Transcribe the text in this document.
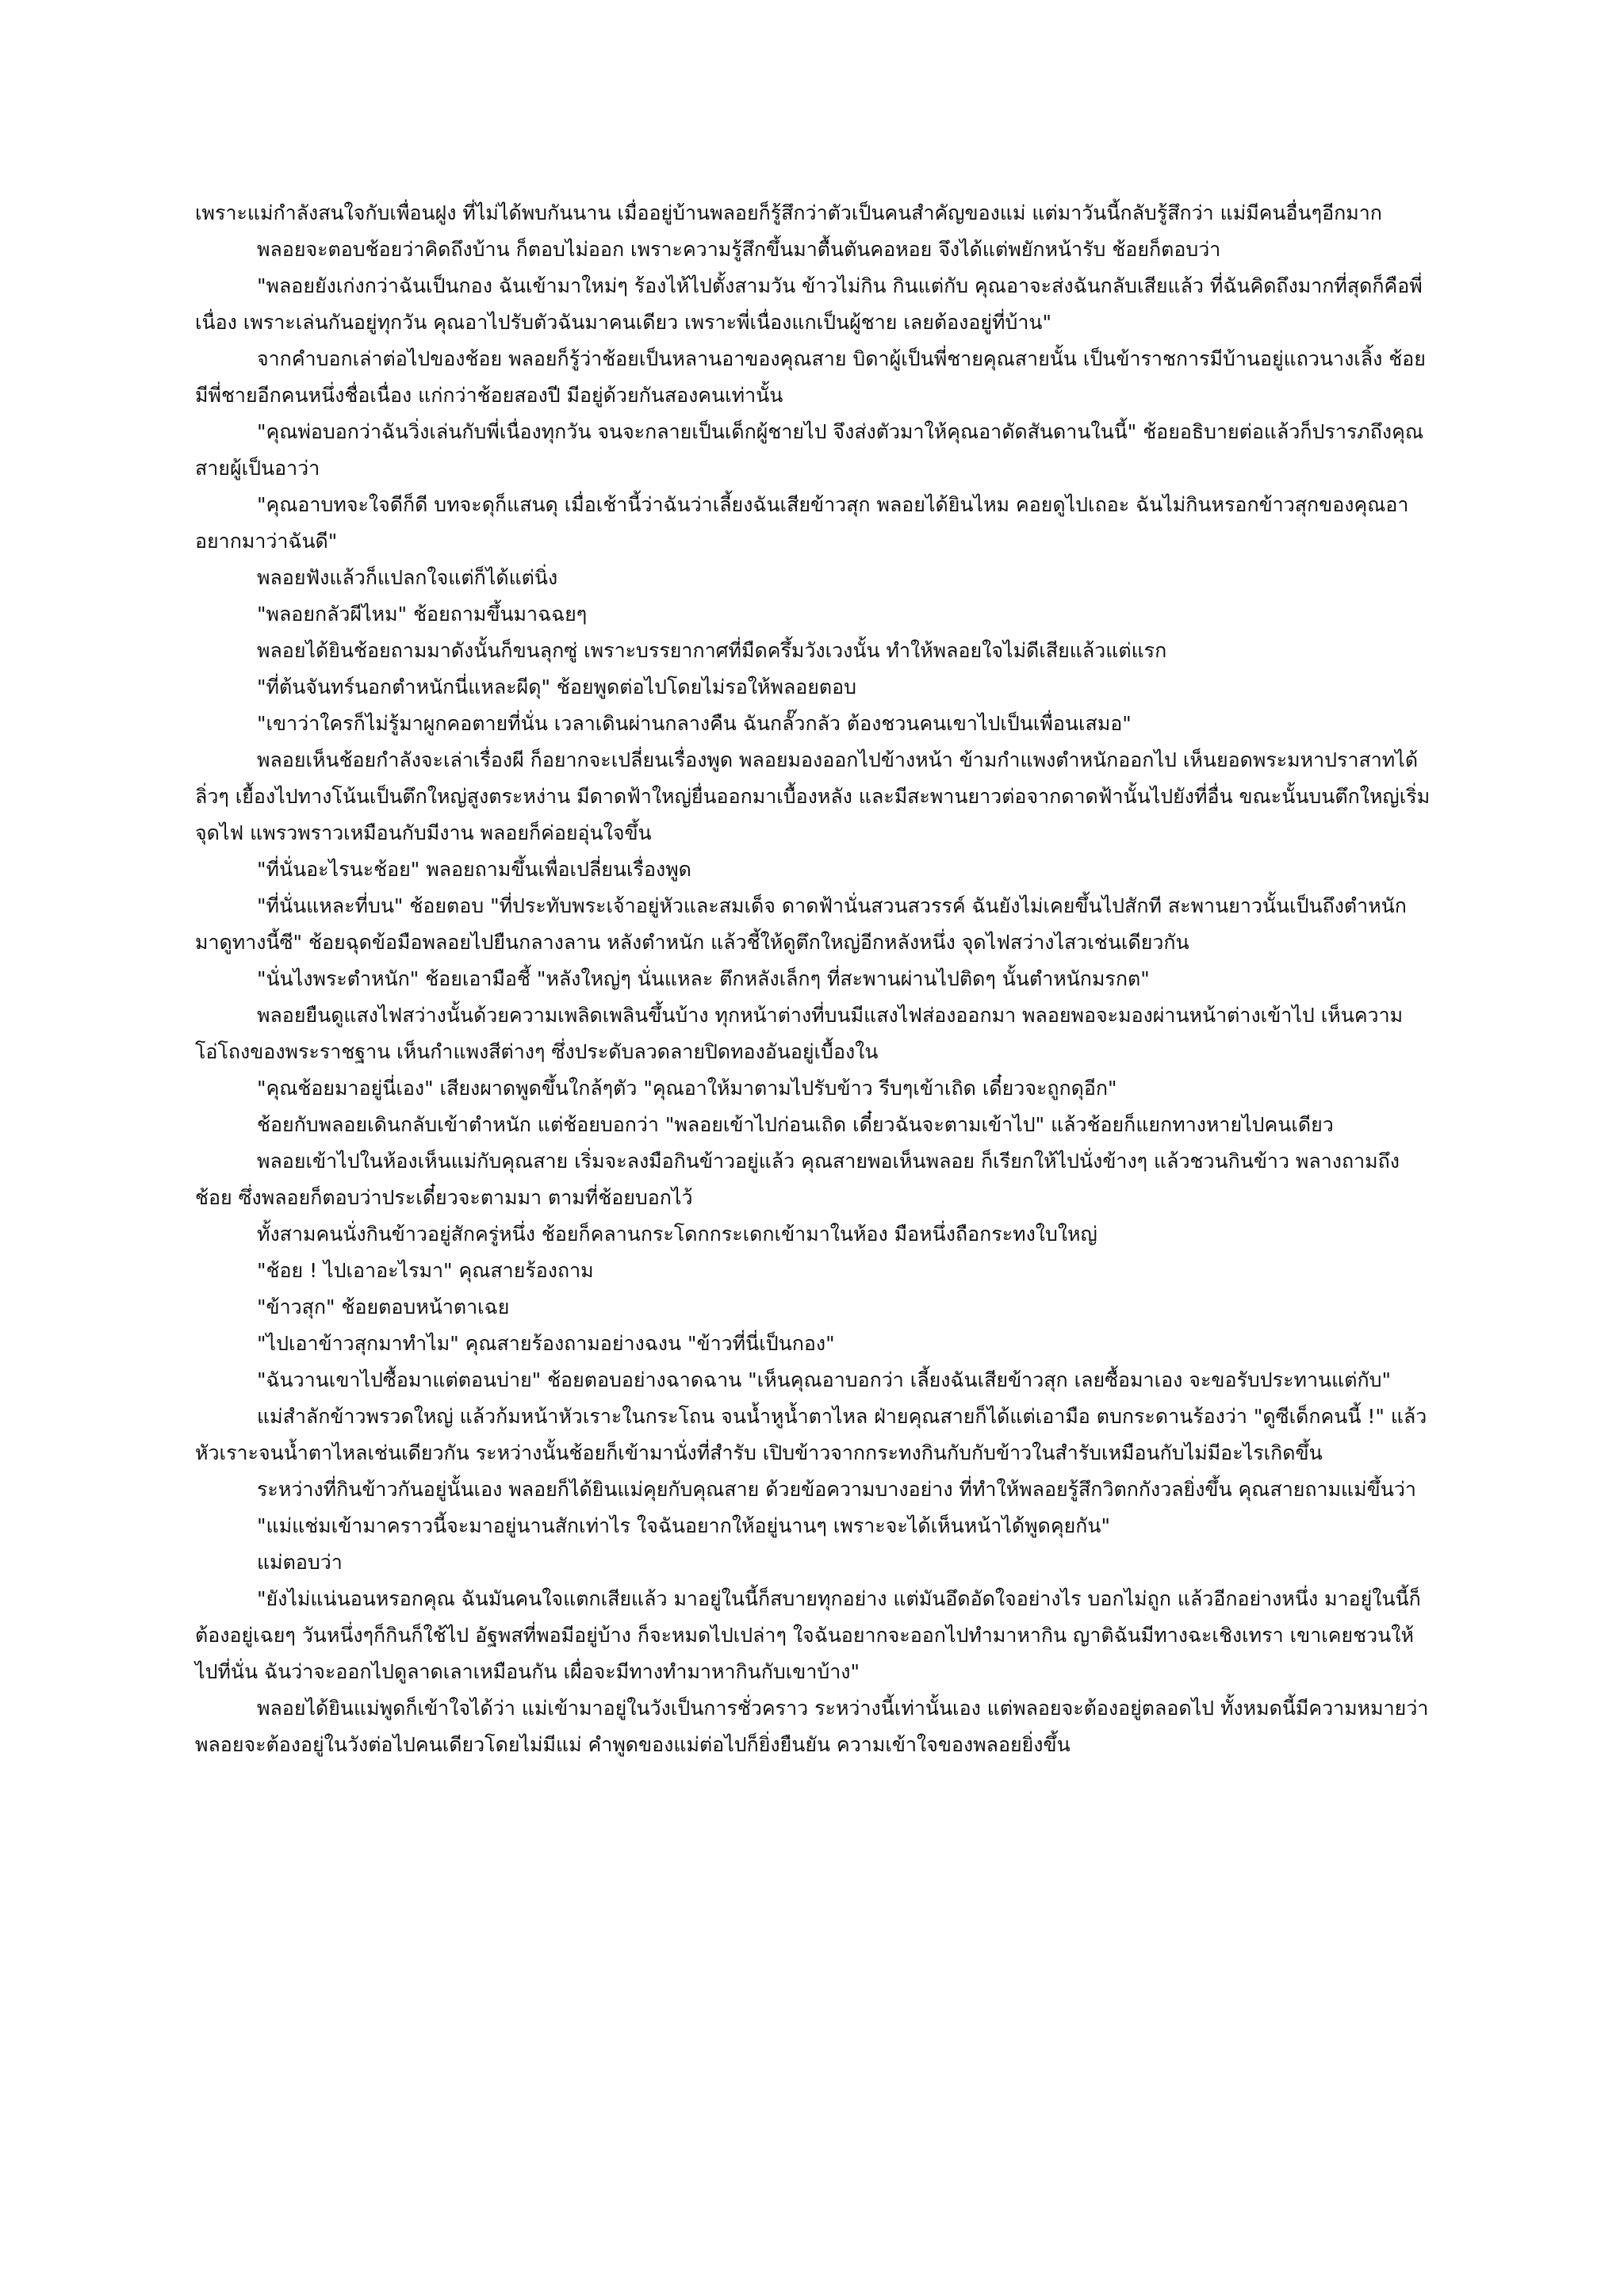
เพราะแม่กำลังสนใจกับเพื่อนฝูง ที่ไม่ได้พบกันนาน เมื่ออยู่บ้านพลอยก็รู้สึกว่าตัวเป็นคนสำคัญของแม่ แต่มาวันนี้กลับรู้สึกว่า แม่มีคนอื่นๆอีกมาก

พลอยจะตอบช้อยว่าคิดถึงบ้าน ก็ตอบไม่ออก เพราะความรู้สึกขึ้นมาตื้นตันคอหอย จึงได้แต่พยักหน้ารับ ช้อยก็ตอบว่า

"พลอยยังเก่งกว่าฉันเป็นกอง ฉันเข้ามาใหม่ๆ ร้องไห้ไปตั้งสามวัน ข้าวไม่กิน กินแต่กับ คุณอาจะส่งฉันกลับเสียแล้ว ที่ฉันคิดถึงมากที่สุดก็คือพี่เนื่อง เพราะเล่นกันอยู่ทุกวัน คุณอาไปรับตัวฉันมาคนเดียว เพราะพี่เนื่องแกเป็นผู้ชาย เลยต้องอยู่ที่บ้าน"

จากคำบอกเล่าต่อไปของช้อย พลอยก็รู้ว่าช้อยเป็นหลานอาของคุณสาย บิดาผู้เป็นพี่ชายคุณสายนั้น เป็นข้าราชการมีบ้านอยู่แถวนางเลิ้ง ช้อยมีพี่ชายอีกคนหนึ่งชื่อเนื่อง แก่กว่าช้อยสองปี มีอยู่ด้วยกันสองคนเท่านั้น

"คุณพ่อบอกว่าฉันวิ่งเล่นกับพี่เนื่องทุกวัน จนจะกลายเป็นเด็กผู้ชายไป จึงส่งตัวมาให้คุณอาดัดสันดานในนี้" ช้อยอธิบายต่อแล้วก็ปรารภถึงคุณสายผู้เป็นอาว่า

"คุณอาบทจะใจดีก็ดี บทจะดุก็แสนดุ เมื่อเช้านี้ว่าฉันว่าเลี้ยงฉันเสียข้าวสุก พลอยได้ยินไหม คอยดูไปเถอะ ฉันไม่กินหรอกข้าวสุกของคุณอา อยากมาว่าฉันดี"

พลอยฟังแล้วก็แปลกใจแต่ก็ได้แต่นิ่ง

"พลอยกลัวผีไหม" ช้อยถามขึ้นมาฉฉยๆ

พลอยได้ยินช้อยถามมาดังนั้นก็ขนลุกซู่ เพราะบรรยากาศที่มืดครึ้มวังเวงนั้น ทำให้พลอยใจไม่ดีเสียแล้วแต่แรก

"ที่ต้นจันทร์นอกตำหนักนี่แหละผีดุ" ช้อยพูดต่อไปโดยไม่รอให้พลอยตอบ

"เขาว่าใครก็ไม่รู้มาผูกคอตายที่นั่น เวลาเดินผ่านกลางคืน ฉันกลั๊วกลัว ต้องชวนคนเขาไปเป็นเพื่อนเสมอ"

พลอยเห็นช้อยกำลังจะเล่าเรื่องผี ก็อยากจะเปลี่ยนเรื่องพูด พลอยมองออกไปข้างหน้า ข้ามกำแพงตำหนักออกไป เห็นยอดพระมหาปราสาทได้ลิ่วๆ เยื้องไปทางโน้นเป็นตึกใหญ่สูงตระหง่าน มีดาดฟ้าใหญ่ยื่นออกมาเบื้องหลัง และมีสะพานยาวต่อจากดาดฟ้านั้นไปยังที่อื่น ขณะนั้นบนตึกใหญ่เริ่มจุดไฟ แพรวพราวเหมือนกับมีงาน พลอยก็ค่อยอุ่นใจขึ้น

"ที่นั่นอะไรนะช้อย" พลอยถามขึ้นเพื่อเปลี่ยนเรื่องพูด

"ที่นั่นแหละที่บน" ช้อยตอบ "ที่ประทับพระเจ้าอยู่หัวและสมเด็จ ดาดฟ้านั่นสวนสวรรค์ ฉันยังไม่เคยขึ้นไปสักที สะพานยาวนั้นเป็นถึงตำหนัก มาดูทางนี้ซี" ช้อยฉุดข้อมือพลอยไปยืนกลางลาน หลังตำหนัก แล้วชี้ให้ดูตึกใหญ่อีกหลังหนึ่ง จุดไฟสว่างไสวเช่นเดียวกัน

"นั่นไงพระตำหนัก" ช้อยเอามือชี้ "หลังใหญ่ๆ นั่นแหละ ตึกหลังเล็กๆ ที่สะพานผ่านไปติดๆ นั้นตำหนักมรกต"

พลอยยืนดูแสงไฟสว่างนั้นด้วยความเพลิดเพลินขึ้นบ้าง ทุกหน้าต่างที่บนมีแสงไฟส่องออกมา พลอยพอจะมองผ่านหน้าต่างเข้าไป เห็นความโอ่โถงของพระราชฐาน เห็นกำแพงสีต่างๆ ซึ่งประดับลวดลายปิดทองอันอยู่เบื้องใน

"คุณช้อยมาอยู่นี่เอง" เสียงผาดพูดขึ้นใกล้ๆตัว "คุณอาให้มาตามไปรับข้าว รีบๆเข้าเถิด เดี๋ยวจะถูกดุอีก"

ช้อยกับพลอยเดินกลับเข้าตำหนัก แต่ช้อยบอกว่า "พลอยเข้าไปก่อนเถิด เดี๋ยวฉันจะตามเข้าไป" แล้วช้อยก็แยกทางหายไปคนเดียว

พลอยเข้าไปในห้องเห็นแม่กับคุณสาย เริ่มจะลงมือกินข้าวอยู่แล้ว คุณสายพอเห็นพลอย ก็เรียกให้ไปนั่งข้างๆ แล้วชวนกินข้าว พลางถามถึงช้อย ซึ่งพลอยก็ตอบว่าประเดี๋ยวจะตามมา ตามที่ช้อยบอกไว้

ทั้งสามคนนั่งกินข้าวอยู่สักครู่หนึ่ง ช้อยก็คลานกระโดกกระเดกเข้ามาในห้อง มือหนึ่งถือกระทงใบใหญ่

"ช้อย ! ไปเอาอะไรมา" คุณสายร้องถาม

"ข้าวสุก" ช้อยตอบหน้าตาเฉย

"ไปเอาข้าวสุกมาทำไม" คุณสายร้องถามอย่างฉงน "ข้าวที่นี่เป็นกอง"

"ฉันวานเขาไปซื้อมาแต่ตอนบ่าย" ช้อยตอบอย่างฉาดฉาน "เห็นคุณอาบอกว่า เลี้ยงฉันเสียข้าวสุก เลยซื้อมาเอง จะขอรับประทานแต่กับ"

แม่สำลักข้าวพรวดใหญ่ แล้วก้มหน้าหัวเราะในกระโถน จนน้ำหูน้ำตาไหล ฝ่ายคุณสายก็ได้แต่เอามือ ตบกระดานร้องว่า "ดูซีเด็กคนนี้ !" แล้วหัวเราะจนน้ำตาไหลเช่นเดียวกัน ระหว่างนั้นช้อยก็เข้ามานั่งที่สำรับ เปิบข้าวจากกระทงกินกับกับข้าวในสำรับเหมือนกับไม่มีอะไรเกิดขึ้น

ระหว่างที่กินข้าวกันอยู่นั้นเอง พลอยก็ได้ยินแม่คุยกับคุณสาย ด้วยข้อความบางอย่าง ที่ทำให้พลอยรู้สึกวิตกกังวลยิ่งขึ้น คุณสายถามแม่ขึ้นว่า

"แม่แช่มเข้ามาคราวนี้จะมาอยู่นานสักเท่าไร ใจฉันอยากให้อยู่นานๆ เพราะจะได้เห็นหน้าได้พูดคุยกัน"

แม่ตอบว่า

"ยังไม่แน่นอนหรอกคุณ ฉันมันคนใจแตกเสียแล้ว มาอยู่ในนี้ก็สบายทุกอย่าง แต่มันอึดอัดใจอย่างไร บอกไม่ถูก แล้วอีกอย่างหนึ่ง มาอยู่ในนี้ก็ต้องอยู่เฉยๆ วันหนึ่งๆก็กินก็ใช้ไป อัฐพสที่พอมีอยู่บ้าง ก็จะหมดไปเปล่าๆ ใจฉันอยากจะออกไปทำมาหากิน ญาติฉันมีทางฉะเชิงเทรา เขาเคยชวนให้ไปที่นั่น ฉันว่าจะออกไปดูลาดเลาเหมือนกัน เผื่อจะมีทางทำมาหากินกับเขาบ้าง"

พลอยได้ยินแม่พูดก็เข้าใจได้ว่า แม่เข้ามาอยู่ในวังเป็นการชั่วคราว ระหว่างนี้เท่านั้นเอง แต่พลอยจะต้องอยู่ตลอดไป ทั้งหมดนี้มีความหมายว่า พลอยจะต้องอยู่ในวังต่อไปคนเดียวโดยไม่มีแม่ คำพูดของแม่ต่อไปก็ยิ่งยืนยัน ความเข้าใจของพลอยยิ่งขึ้น
